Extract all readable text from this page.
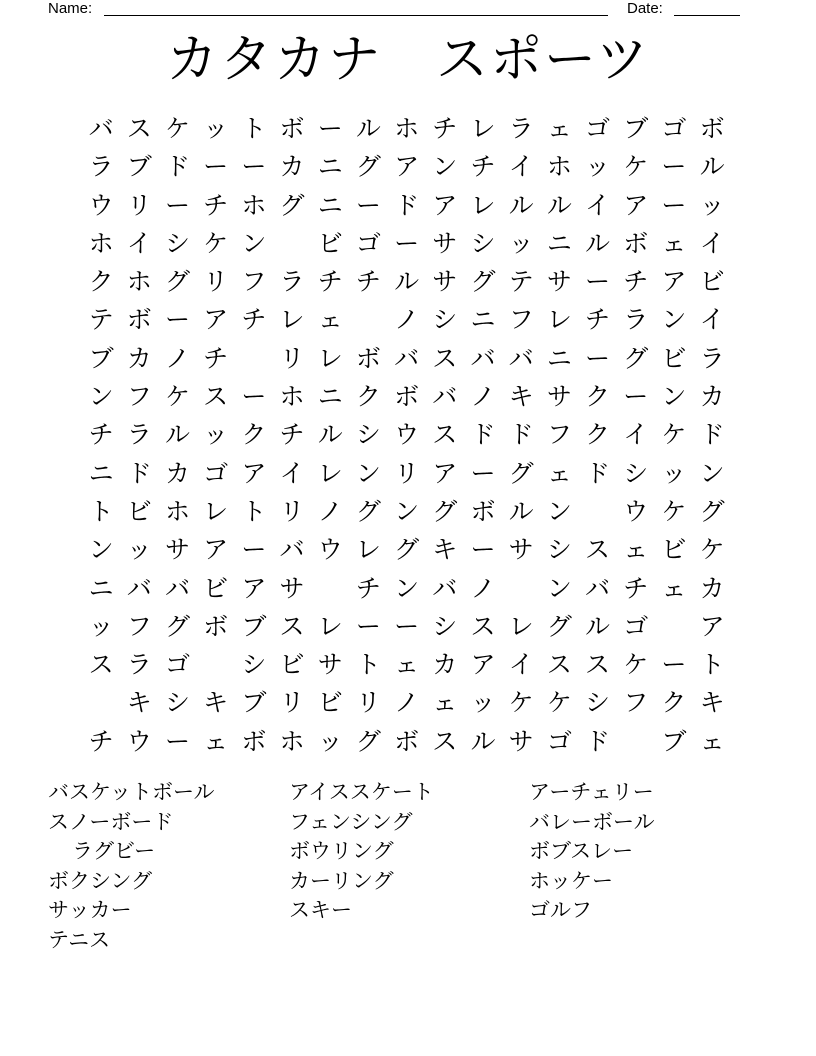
Name:	Date:
カタカナ　スポーツ
バ ス ケ ッ ト ボ ー ル ホ チ レ ラ ェ ゴ ブ ゴ ボ
ラ ブ ド ー ー カ ニ グ ア ン チ イ ホ ッ ケ ー ル
ウ リ ー チ ホ グ ニ ー ド ア レ ル ル イ ア ー ッ
ホ イ シ ケ ン ビ ゴ ー サ シ ッ ニ ル ボ ェ イ
ク ホ グ リ フ ラ チ チ ル サ グ テ サ ー チ ア ビ
テ ボ ー ア チ レ ェ ノ シ ニ フ レ チ ラ ン イ
ブ カ ノ チ リ レ ボ バ ス バ バ ニ ー グ ビ ラ
ン フ ケ ス ー ホ ニ ク ボ バ ノ キ サ ク ー ン カ
チ ラ ル ッ ク チ ル シ ウ ス ド ド フ ク イ ケ ド
ニ ド カ ゴ ア イ レ ン リ ア ー グ ェ ド シ ッ ン
ト ビ ホ レ ト リ ノ グ ン グ ボ ル ン ウ ケ グ
ン ッ サ ア ー バ ウ レ グ キ ー サ シ ス ェ ビ ケ
ニ バ バ ビ ア サ チ ン バ ノ ン バ チ ェ カ
ッ フ グ ボ ブ ス レ ー ー シ ス レ グ ル ゴ ア
ス ラ ゴ シ ビ サ ト ェ カ ア イ ス ス ケ ー ト
キ シ キ ブ リ ビ リ ノ ェ ッ ケ ケ シ フ ク キ
チ ウ ー ェ ボ ホ ッ グ ボ ス ル サ ゴ ド ブ ェ
バスケットボール
スノーボード
ラグビー
ボクシング
サッカー
テニス
アイススケート
フェンシング
ボウリング
カーリング
スキー
アーチェリー
バレーボール
ボブスレー
ホッケー
ゴルフ
